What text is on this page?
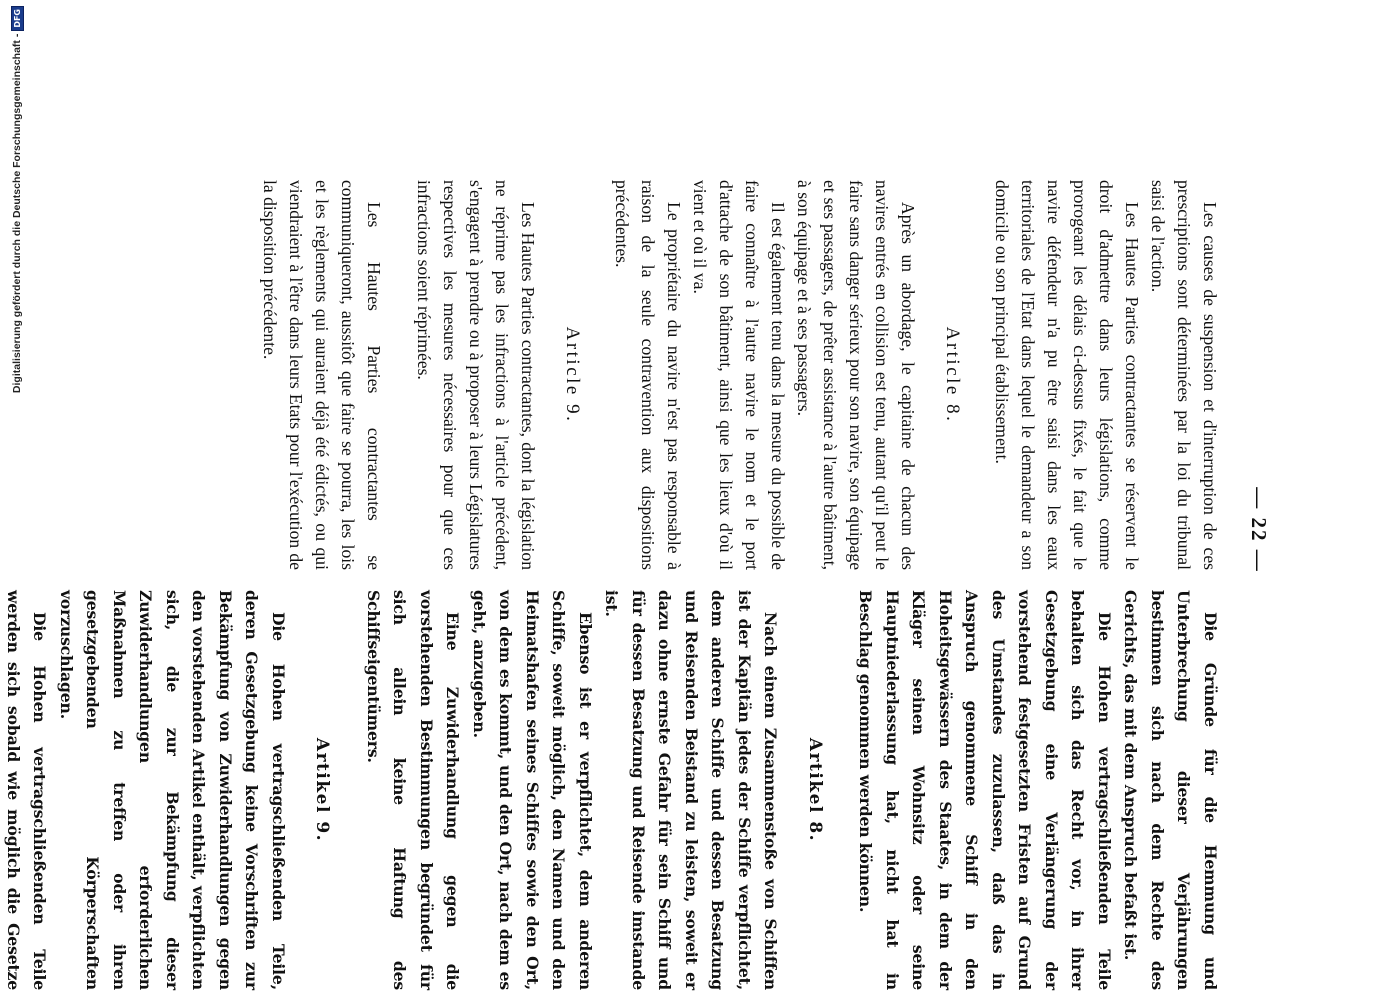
— 22 —

Les causes de suspension et d'interruption de ces prescriptions sont déterminées par la loi du tribunal saisi de l'action.

Les Hautes Parties contractantes se réservent le droit d'admettre dans leurs législations, comme prorogeant les délais ci-dessus fixés, le fait que le navire défendeur n'a pu être saisi dans les eaux territoriales de l'Etat dans lequel le demandeur a son domicile ou son principal établissement.

Article 8.

Après un abordage, le capitaine de chacun des navires entrés en collision est tenu, autant qu'il peut le faire sans danger sérieux pour son navire, son équipage et ses passagers, de prêter assistance à l'autre bâtiment, à son équipage et à ses passagers.

Il est également tenu dans la mesure du possible de faire connaître à l'autre navire le nom et le port d'attache de son bâtiment, ainsi que les lieux d'où il vient et où il va.

Le propriétaire du navire n'est pas responsable à raison de la seule contravention aux dispositions précédentes.

Article 9.

Les Hautes Parties contractantes, dont la législation ne réprime pas les infractions à l'article précédent, s'engagent à prendre ou à proposer à leurs Législatures respectives les mesures nécessaires pour que ces infractions soient réprimées.

Les Hautes Parties contractantes se communiqueront, aussitôt que faire se pourra, les lois et les règlements qui auraient déjà été édictés, ou qui viendraient à l'être dans leurs Etats pour l'exécution de la disposition précédente.

Die Gründe für die Hemmung und Unterbrechung dieser Verjährungen bestimmen sich nach dem Rechte des Gerichts, das mit dem Anspruch befaßt ist.

Die Hohen vertragschließenden Teile behalten sich das Recht vor, in ihrer Gesetzgebung eine Verlängerung der vorstehend festgesetzten Fristen auf Grund des Umstandes zuzulassen, daß das in Anspruch genommene Schiff in den Hoheitsgewässern des Staates, in dem der Kläger seinen Wohnsitz oder seine Hauptniederlassung hat, nicht hat in Beschlag genommen werden können.

Artikel 8.

Nach einem Zusammenstoße von Schiffen ist der Kapitän jedes der Schiffe verpflichtet, dem anderen Schiffe und dessen Besatzung und Reisenden Beistand zu leisten, soweit er dazu ohne ernste Gefahr für sein Schiff und für dessen Besatzung und Reisende imstande ist.

Ebenso ist er verpflichtet, dem anderen Schiffe, soweit möglich, den Namen und den Heimatshafen seines Schiffes sowie den Ort, von dem es kommt, und den Ort, nach dem es geht, anzugeben.

Eine Zuwiderhandlung gegen die vorstehenden Bestimmungen begründet für sich allein keine Haftung des Schiffseigentümers.

Artikel 9.

Die Hohen vertragschließenden Teile, deren Gesetzgebung keine Vorschriften zur Bekämpfung von Zuwiderhandlungen gegen den vorstehenden Artikel enthält, verpflichten sich, die zur Bekämpfung dieser Zuwiderhandlungen erforderlichen Maßnahmen zu treffen oder ihren gesetzgebenden Körperschaften vorzuschlagen.

Die Hohen vertragschließenden Teile werden sich sobald wie möglich die Gesetze

Digitalisierung gefördert durch die Deutsche Forschungsgemeinschaft -
DFG
